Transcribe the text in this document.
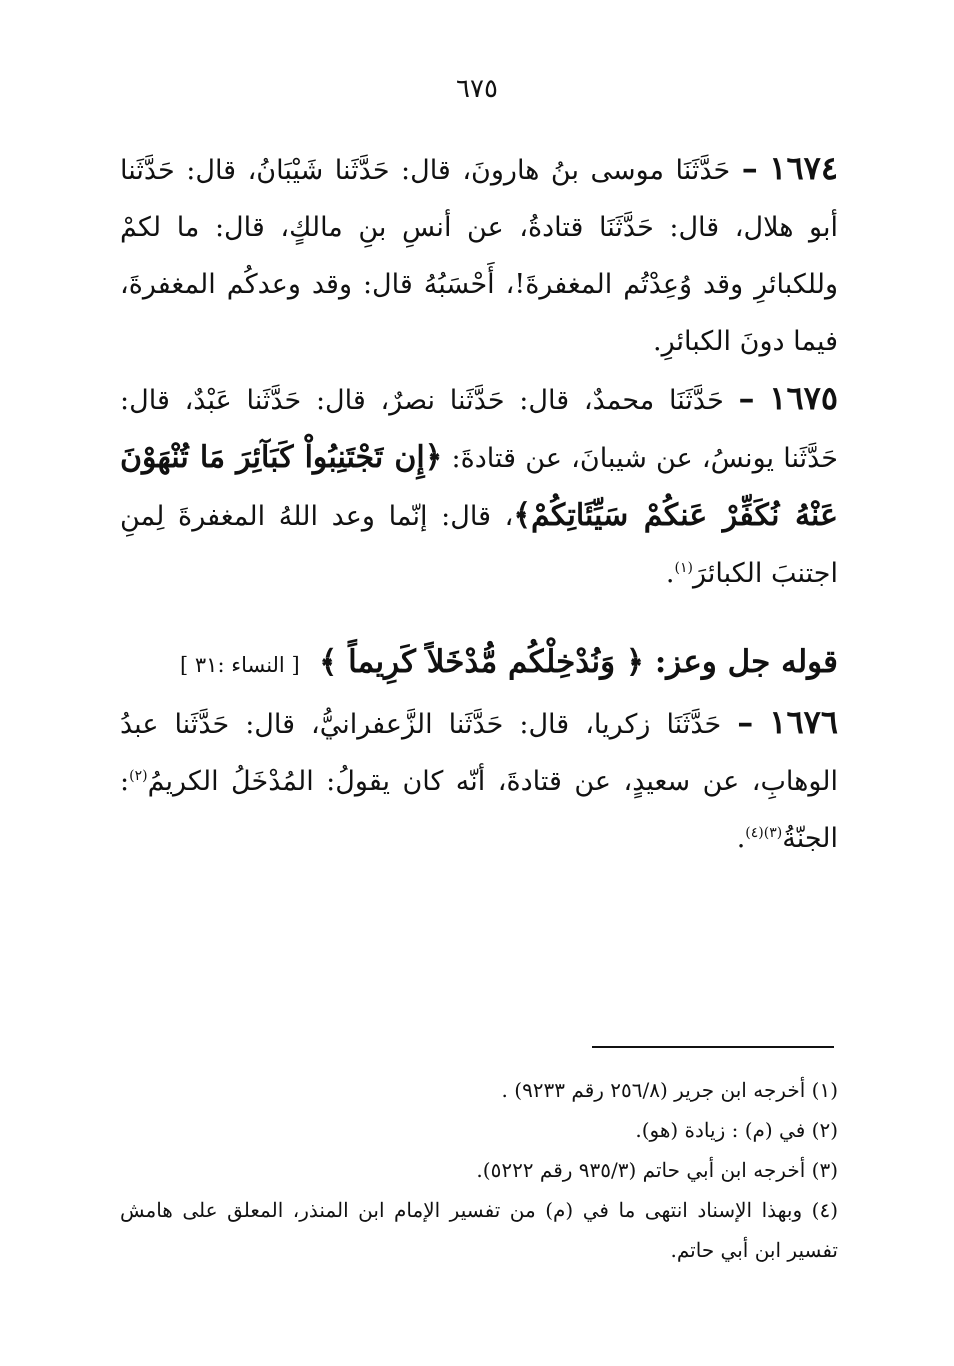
٦٧٥

١٦٧٤ – حَدَّثَنَا موسى بنُ هارونَ، قال: حَدَّثَنا شَيْبَانُ، قال: حَدَّثَنا أبو هلال، قال: حَدَّثَنَا قتادةُ، عن أنسِ بنِ مالكٍ، قال: ما لكمْ وللكبائرِ وقد وُعِدْتُم المغفرةَ!، أَحْسَبُهُ قال: وقد وعدكُم المغفرةَ، فيما دونَ الكبائرِ.

١٦٧٥ – حَدَّثَنَا محمدٌ، قال: حَدَّثَنا نصرٌ، قال: حَدَّثَنا عَبْدٌ، قال: حَدَّثَنا يونسُ، عن شيبانَ، عن قتادةَ: ﴿إِن تَجْتَنِبُواْ كَبَآئِرَ مَا تُنْهَوْنَ عَنْهُ نُكَفِّرْ عَنكُمْ سَيِّئَاتِكُمْ﴾، قال: إنّما وعد اللهُ المغفرةَ لِمنِ اجتنبَ الكبائرَ$^{(١)}$.

قوله جل وعز: ﴿ وَنُدْخِلْكُم مُّدْخَلاً كَرِيماً ﴾
[ النساء :٣١ ]

١٦٧٦ – حَدَّثَنَا زكريا، قال: حَدَّثَنا الزَّعفرانيُّ، قال: حَدَّثَنا عبدُ الوهابِ، عن سعيدٍ، عن قتادةَ، أنّه كان يقولُ: المُدْخَلُ الكريمُ$^{(٢)}$: الجنّةُ$^{(٣)(٤)}$.

(١) أخرجه ابن جرير (٢٥٦/٨ رقم ٩٢٣٣) .

(٢) في (م) : زيادة (هو).

(٣) أخرجه ابن أبي حاتم (٩٣٥/٣ رقم ٥٢٢٢).

(٤) وبهذا الإسناد انتهى ما في (م) من تفسير الإمام ابن المنذر، المعلق على هامش تفسير ابن أبي حاتم.
